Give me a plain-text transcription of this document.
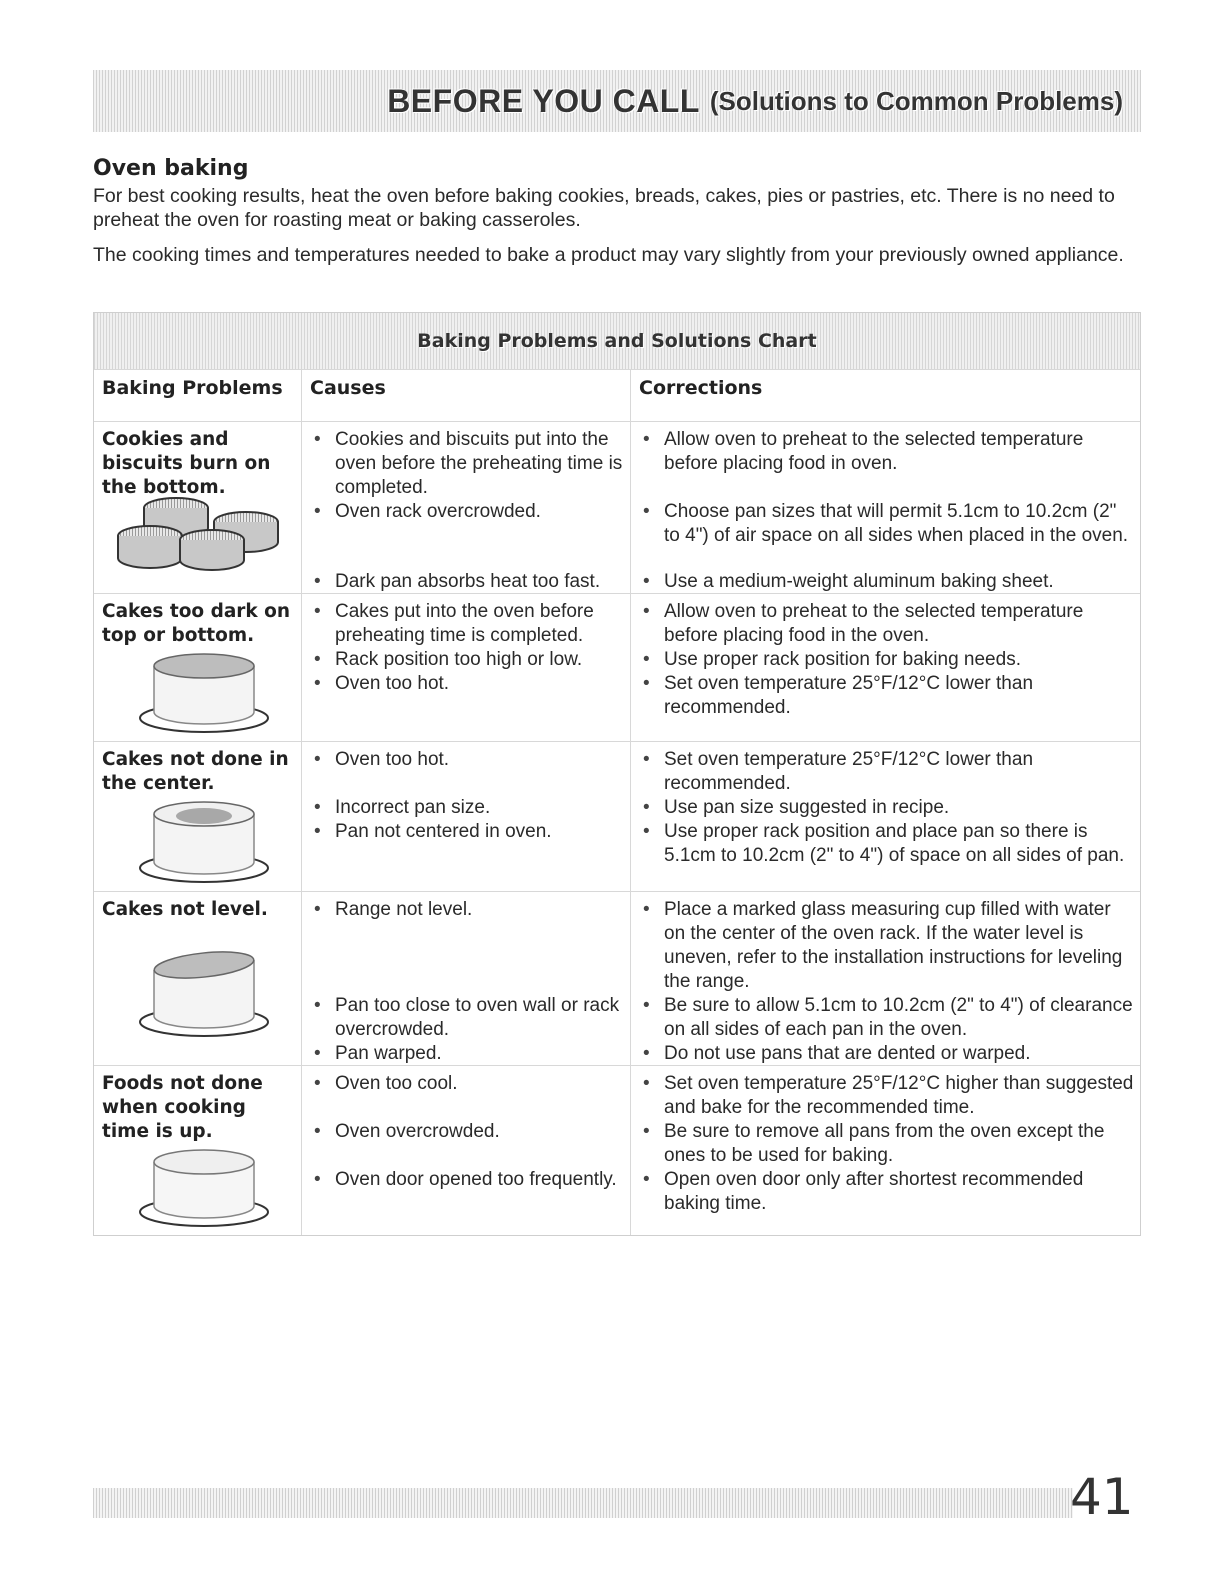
BEFORE YOU CALL (Solutions to Common Problems)
Oven baking

For best cooking results, heat the oven before baking cookies, breads, cakes, pies or pastries, etc. There is no need to preheat the oven for roasting meat or baking casseroles.

The cooking times and temperatures needed to bake a product may vary slightly from your previously owned appliance.

Baking Problems and Solutions Chart
Baking Problems	Causes	Corrections
Cookies and biscuits burn on the bottom.
• Cookies and biscuits put into the oven before the preheating time is completed.
• Oven rack overcrowded.
• Dark pan absorbs heat too fast.
• Allow oven to preheat to the selected temperature before placing food in oven.
• Choose pan sizes that will permit 5.1cm to 10.2cm (2" to 4") of air space on all sides when placed in the oven.
• Use a medium-weight aluminum baking sheet.
Cakes too dark on top or bottom.
• Cakes put into the oven before preheating time is completed.
• Rack position too high or low.
• Oven too hot.
• Allow oven to preheat to the selected temperature before placing food in the oven.
• Use proper rack position for baking needs.
• Set oven temperature 25°F/12°C lower than recommended.
Cakes not done in the center.
• Oven too hot.
• Incorrect pan size.
• Pan not centered in oven.
• Set oven temperature 25°F/12°C lower than recommended.
• Use pan size suggested in recipe.
• Use proper rack position and place pan so there is 5.1cm to 10.2cm (2" to 4") of space on all sides of pan.
Cakes not level.
•	Range not level.
• Pan too close to oven wall or rack overcrowded.
• Pan warped.
• Place a marked glass measuring cup filled with water on the center of the oven rack. If the water level is uneven, refer to the installation instructions for leveling the range.
• Be sure to allow 5.1cm to 10.2cm (2" to 4") of clearance on all sides of each pan in the oven.
• Do not use pans that are dented or warped.
Foods not done when cooking time is up.
• Oven too cool.
• Oven overcrowded.
• Oven door opened too frequently.
• Set oven temperature 25°F/12°C higher than suggested and bake for the recommended time.
• Be sure to remove all pans from the oven except the ones to be used for baking.
• Open oven door only after shortest recommended baking time.
41
